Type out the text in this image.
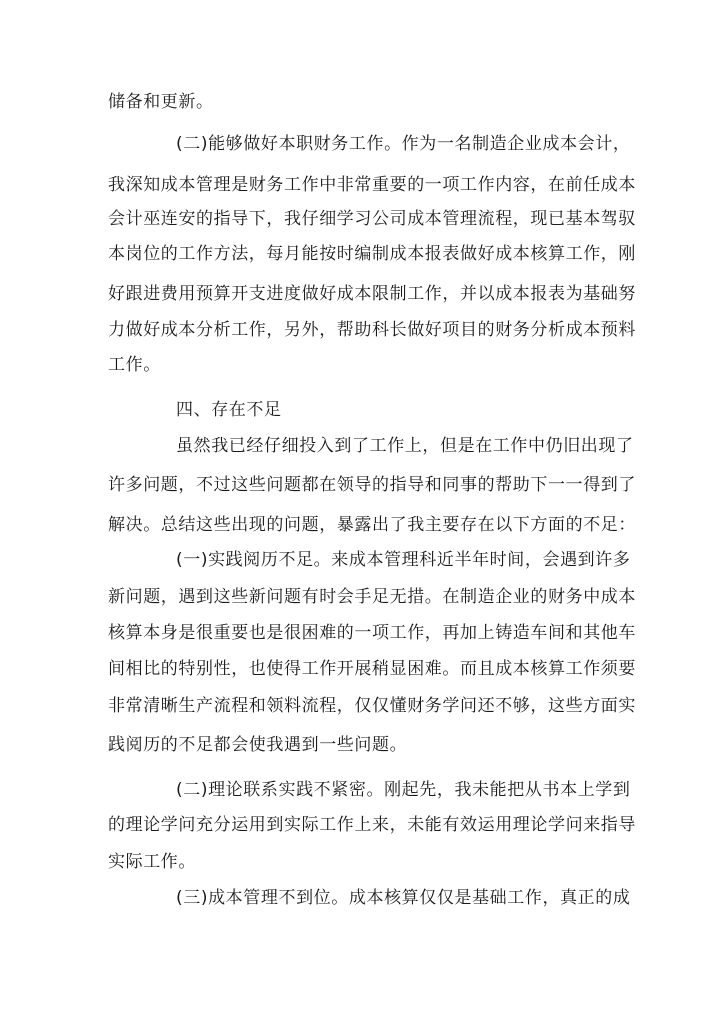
储备和更新。
(二)能够做好本职财务工作。作为一名制造企业成本会计，
我深知成本管理是财务工作中非常重要的一项工作内容，在前任成本
会计巫连安的指导下，我仔细学习公司成本管理流程，现已基本驾驭
本岗位的工作方法，每月能按时编制成本报表做好成本核算工作，刚
好跟进费用预算开支进度做好成本限制工作，并以成本报表为基础努
力做好成本分析工作，另外，帮助科长做好项目的财务分析成本预料
工作。
四、存在不足
虽然我已经仔细投入到了工作上，但是在工作中仍旧出现了
许多问题，不过这些问题都在领导的指导和同事的帮助下一一得到了
解决。总结这些出现的问题，暴露出了我主要存在以下方面的不足：
(一)实践阅历不足。来成本管理科近半年时间，会遇到许多
新问题，遇到这些新问题有时会手足无措。在制造企业的财务中成本
核算本身是很重要也是很困难的一项工作，再加上铸造车间和其他车
间相比的特别性，也使得工作开展稍显困难。而且成本核算工作须要
非常清晰生产流程和领料流程，仅仅懂财务学问还不够，这些方面实
践阅历的不足都会使我遇到一些问题。
(二)理论联系实践不紧密。刚起先，我未能把从书本上学到
的理论学问充分运用到实际工作上来，未能有效运用理论学问来指导
实际工作。
(三)成本管理不到位。成本核算仅仅是基础工作，真正的成
